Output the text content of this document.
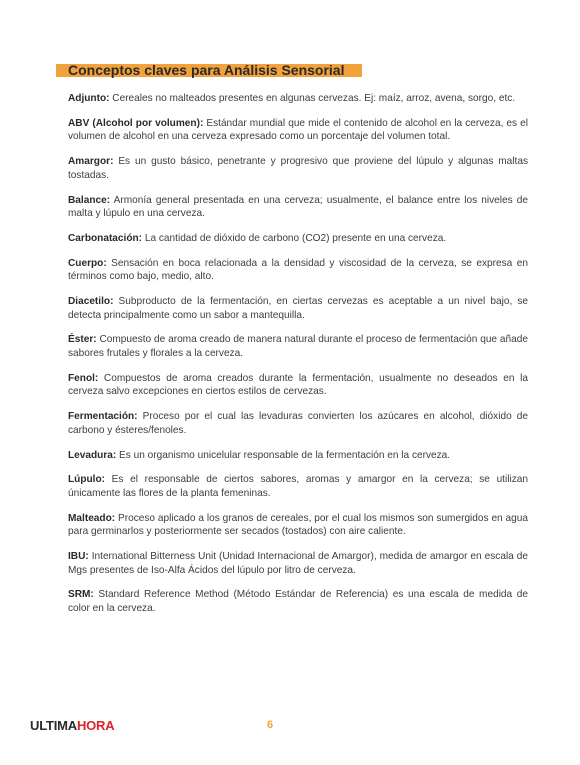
Conceptos claves para Análisis Sensorial

Adjunto: Cereales no malteados presentes en algunas cervezas. Ej: maíz, arroz, avena, sorgo, etc.

ABV (Alcohol por volumen): Estándar mundial que mide el contenido de alcohol en la cerveza, es el volumen de alcohol en una cerveza expresado como un porcentaje del volumen total.

Amargor: Es un gusto básico, penetrante y progresivo que proviene del lúpulo y algunas maltas tostadas.

Balance: Armonía general presentada en una cerveza; usualmente, el balance entre los niveles de malta y lúpulo en una cerveza.

Carbonatación: La cantidad de dióxido de carbono (CO2) presente en una cerveza.

Cuerpo: Sensación en boca relacionada a la densidad y viscosidad de la cerveza, se expresa en términos como bajo, medio, alto.

Diacetilo: Subproducto de la fermentación, en ciertas cervezas es aceptable a un nivel bajo, se detecta principalmente como un sabor a mantequilla.

Éster: Compuesto de aroma creado de manera natural durante el proceso de fermentación que añade sabores frutales y florales a la cerveza.

Fenol: Compuestos de aroma creados durante la fermentación, usualmente no deseados en la cerveza salvo excepciones en ciertos estilos de cervezas.

Fermentación: Proceso por el cual las levaduras convierten los azúcares en alcohol, dióxido de carbono y ésteres/fenoles.

Levadura: Es un organismo unicelular responsable de la fermentación en la cerveza.

Lúpulo: Es el responsable de ciertos sabores, aromas y amargor en la cerveza; se utilizan únicamente las flores de la planta femeninas.

Malteado: Proceso aplicado a los granos de cereales, por el cual los mismos son sumergidos en agua para germinarlos y posteriormente ser secados (tostados) con aire caliente.

IBU: International Bitterness Unit (Unidad Internacional de Amargor), medida de amargor en escala de Mgs presentes de Iso-Alfa Ácidos del lúpulo por litro de cerveza.

SRM: Standard Reference Method (Método Estándar de Referencia) es una escala de medida de color en la cerveza.

ULTIMAHORA	6
